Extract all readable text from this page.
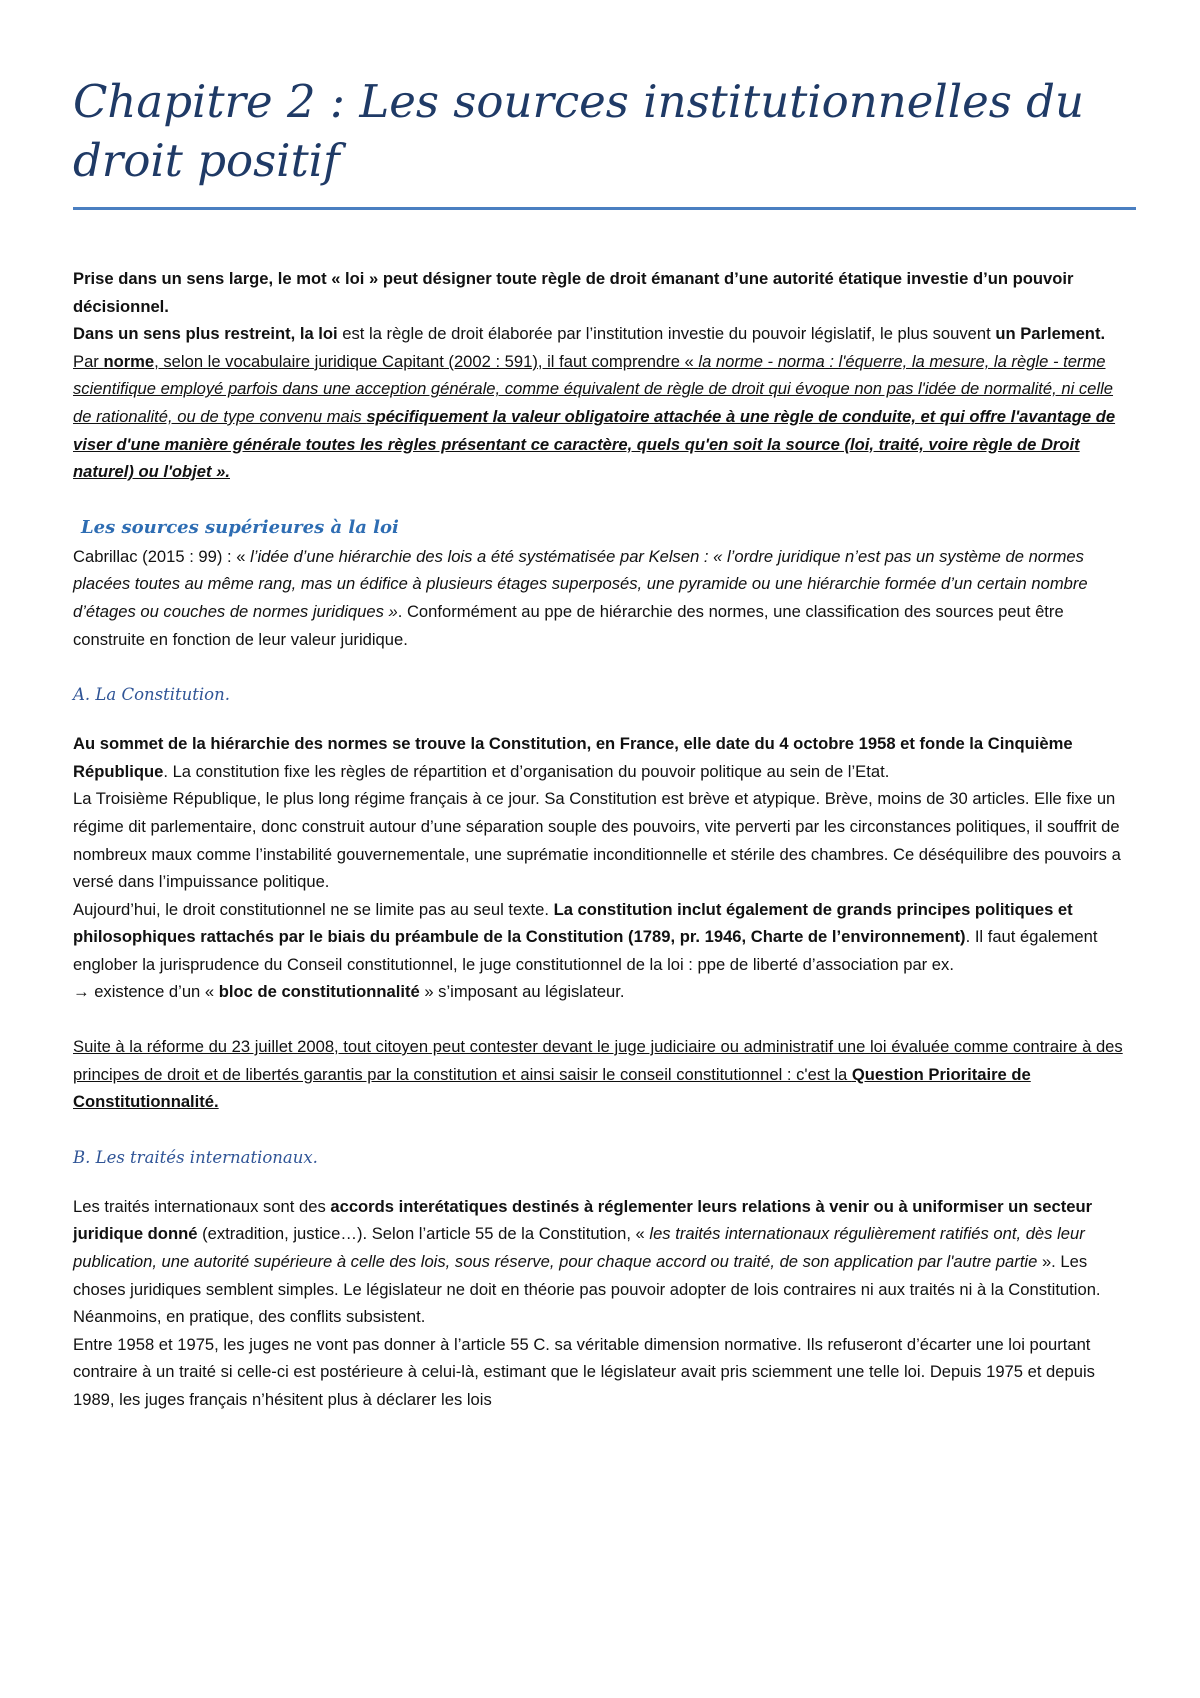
Chapitre 2 : Les sources institutionnelles du droit positif

Prise dans un sens large, le mot « loi » peut désigner toute règle de droit émanant d’une autorité étatique investie d’un pouvoir décisionnel.

Dans un sens plus restreint, la loi est la règle de droit élaborée par l’institution investie du pouvoir législatif, le plus souvent un Parlement.

Par norme, selon le vocabulaire juridique Capitant (2002 : 591), il faut comprendre « la norme - norma : l'équerre, la mesure, la règle - terme scientifique employé parfois dans une acception générale, comme équivalent de règle de droit qui évoque non pas l'idée de normalité, ni celle de rationalité, ou de type convenu mais spécifiquement la valeur obligatoire attachée à une règle de conduite, et qui offre l'avantage de viser d'une manière générale toutes les règles présentant ce caractère, quels qu'en soit la source (loi, traité, voire règle de Droit naturel) ou l'objet ».

Les sources supérieures à la loi

Cabrillac (2015 : 99) : « l’idée d’une hiérarchie des lois a été systématisée par Kelsen : « l’ordre juridique n’est pas un système de normes placées toutes au même rang, mas un édifice à plusieurs étages superposés, une pyramide ou une hiérarchie formée d’un certain nombre d’étages ou couches de normes juridiques ». Conformément au ppe de hiérarchie des normes, une classification des sources peut être construite en fonction de leur valeur juridique.

A. La Constitution.

Au sommet de la hiérarchie des normes se trouve la Constitution, en France, elle date du 4 octobre 1958 et fonde la Cinquième République. La constitution fixe les règles de répartition et d’organisation du pouvoir politique au sein de l’Etat.

La Troisième République, le plus long régime français à ce jour. Sa Constitution est brève et atypique. Brève, moins de 30 articles. Elle fixe un régime dit parlementaire, donc construit autour d’une séparation souple des pouvoirs, vite perverti par les circonstances politiques, il souffrit de nombreux maux comme l’instabilité gouvernementale, une suprématie inconditionnelle et stérile des chambres. Ce déséquilibre des pouvoirs a versé dans l’impuissance politique.

Aujourd’hui, le droit constitutionnel ne se limite pas au seul texte. La constitution inclut également de grands principes politiques et philosophiques rattachés par le biais du préambule de la Constitution (1789, pr. 1946, Charte de l’environnement). Il faut également englober la jurisprudence du Conseil constitutionnel, le juge constitutionnel de la loi : ppe de liberté d’association par ex.

→ existence d’un « bloc de constitutionnalité » s’imposant au législateur.

Suite à la réforme du 23 juillet 2008, tout citoyen peut contester devant le juge judiciaire ou administratif une loi évaluée comme contraire à des principes de droit et de libertés garantis par la constitution et ainsi saisir le conseil constitutionnel : c'est la Question Prioritaire de Constitutionnalité.

B. Les traités internationaux.

Les traités internationaux sont des accords interétatiques destinés à réglementer leurs relations à venir ou à uniformiser un secteur juridique donné (extradition, justice…). Selon l’article 55 de la Constitution, « les traités internationaux régulièrement ratifiés ont, dès leur publication, une autorité supérieure à celle des lois, sous réserve, pour chaque accord ou traité, de son application par l'autre partie ». Les choses juridiques semblent simples. Le législateur ne doit en théorie pas pouvoir adopter de lois contraires ni aux traités ni à la Constitution. Néanmoins, en pratique, des conflits subsistent.

Entre 1958 et 1975, les juges ne vont pas donner à l’article 55 C. sa véritable dimension normative. Ils refuseront d’écarter une loi pourtant contraire à un traité si celle-ci est postérieure à celui-là, estimant que le législateur avait pris sciemment une telle loi. Depuis 1975 et depuis 1989, les juges français n’hésitent plus à déclarer les lois
